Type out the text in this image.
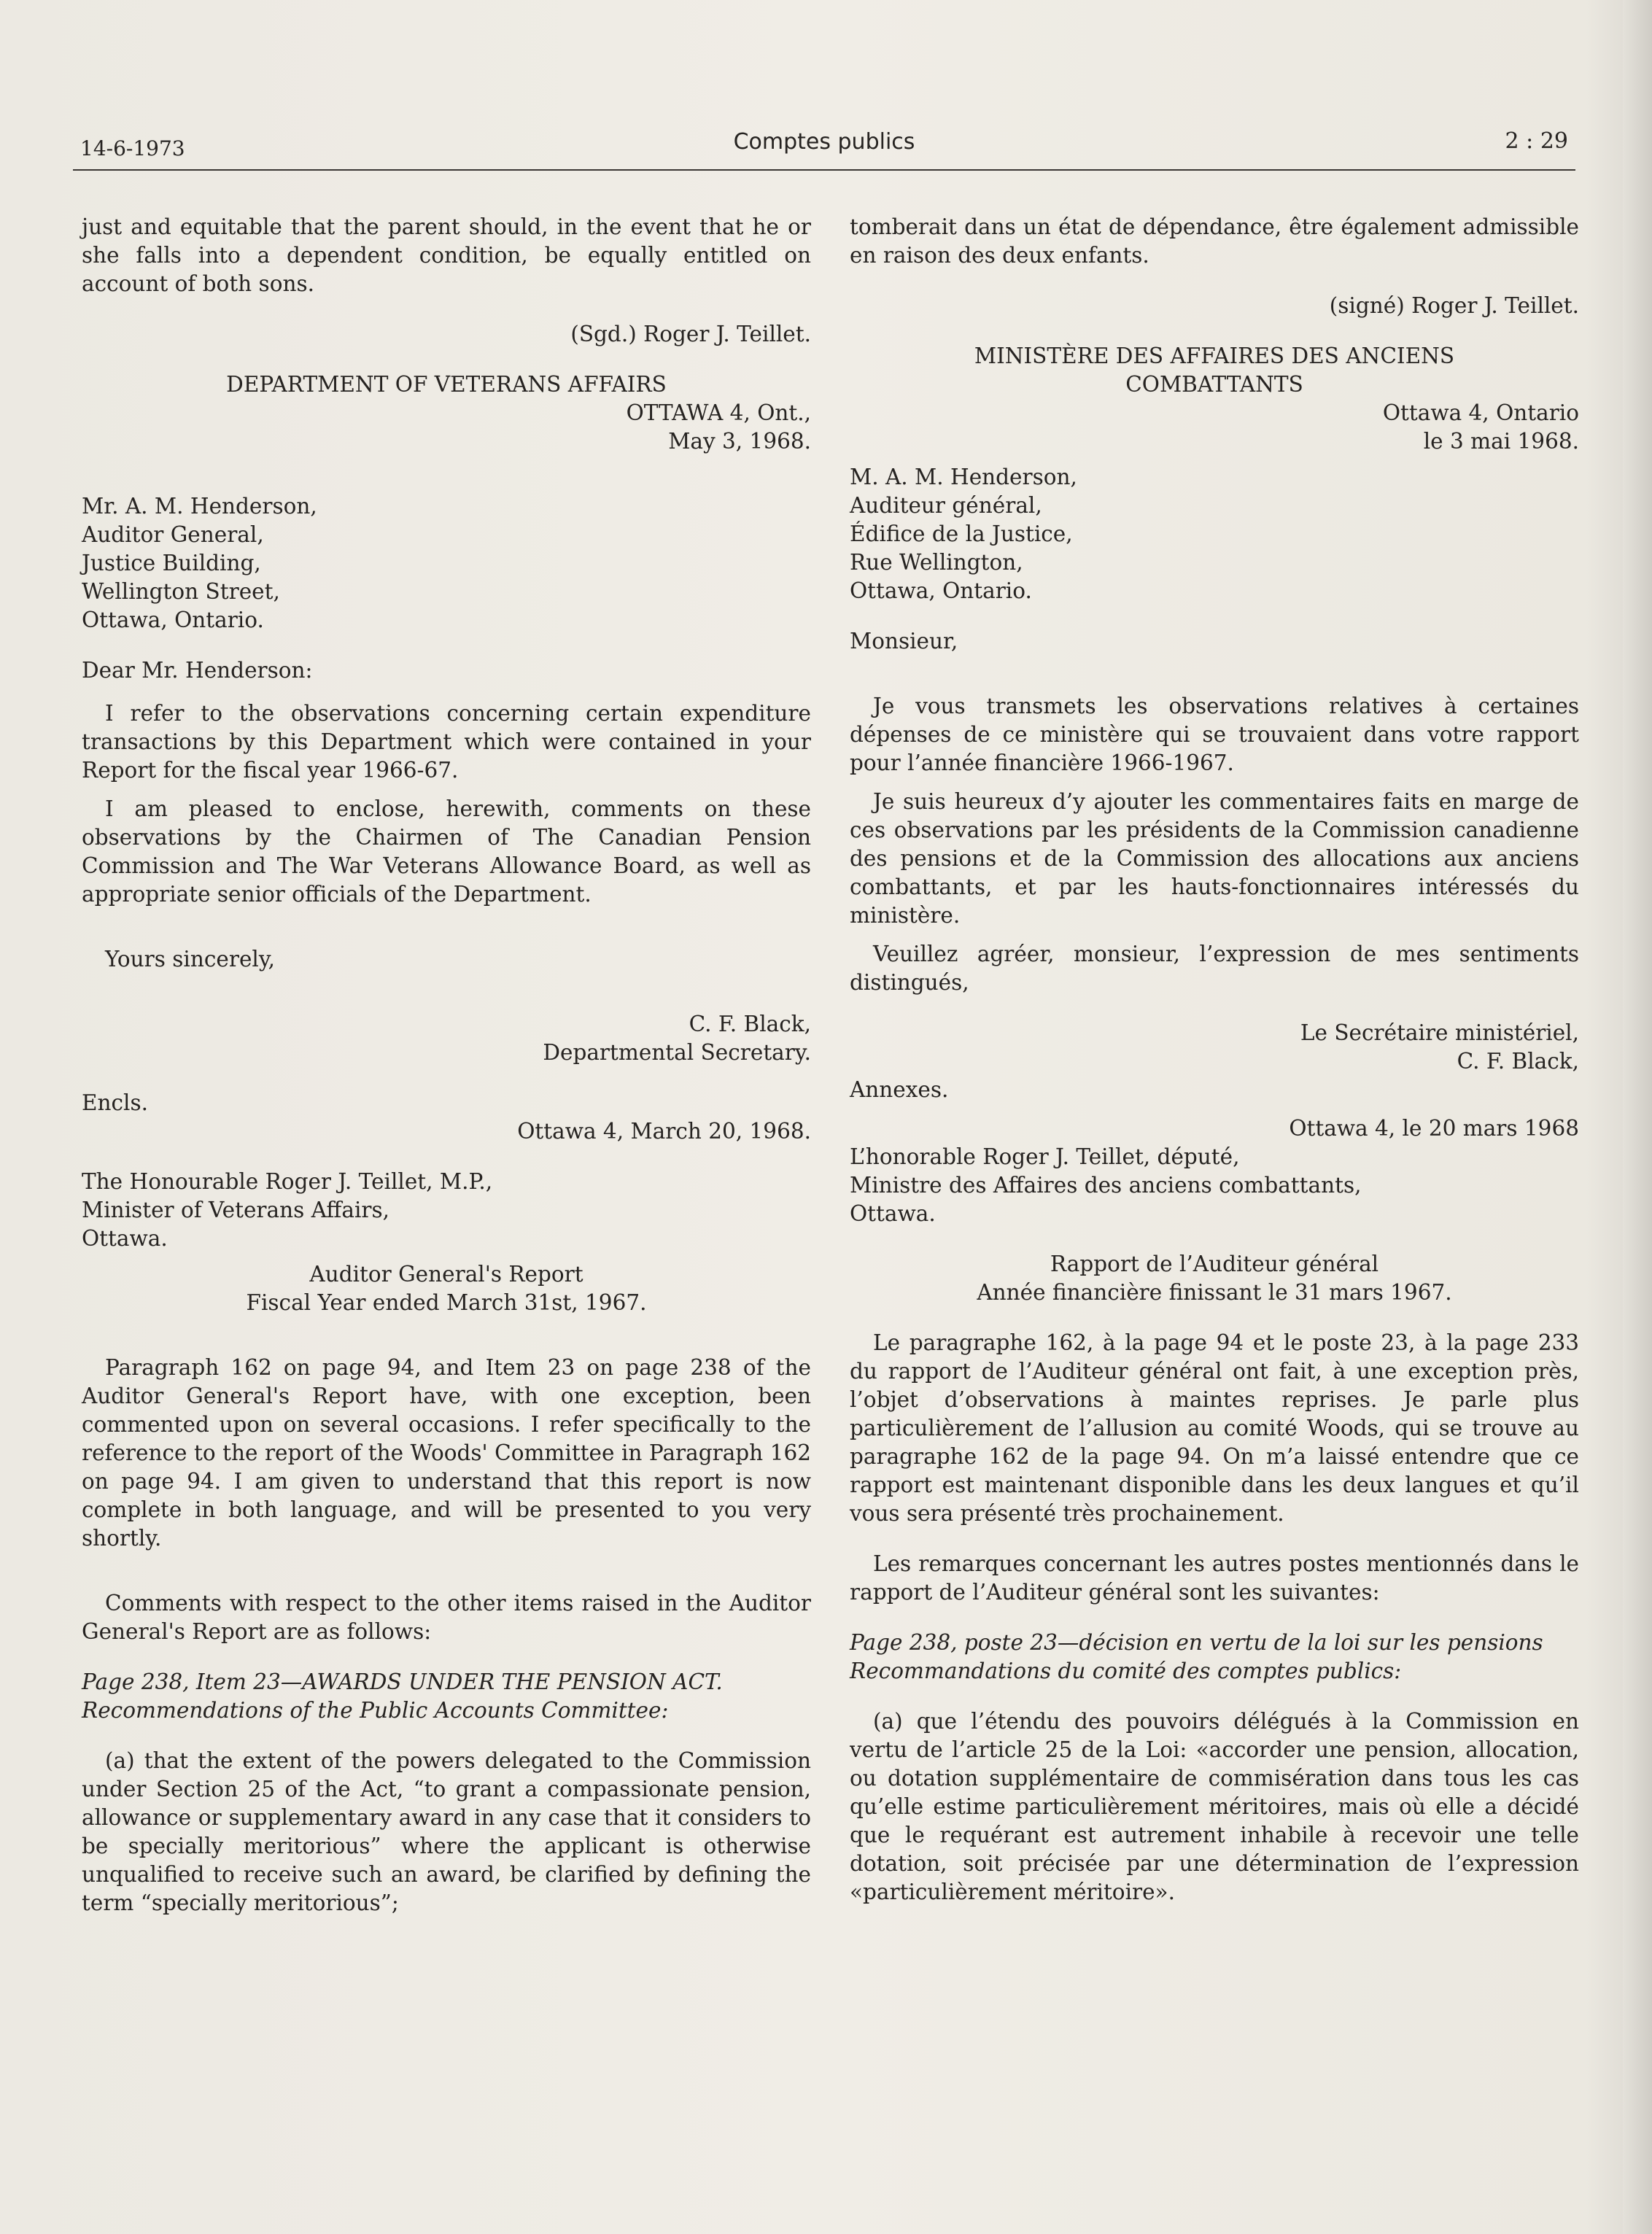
14-6-1973	Comptes publics	2 : 29

just and equitable that the parent should, in the event that he or she falls into a dependent condition, be equally entitled on account of both sons.

(Sgd.) Roger J. Teillet.

DEPARTMENT OF VETERANS AFFAIRS

OTTAWA 4, Ont.,

May 3, 1968.

Mr. A. M. Henderson,

Auditor General,

Justice Building,

Wellington Street,

Ottawa, Ontario.

Dear Mr. Henderson:

I refer to the observations concerning certain expenditure transactions by this Department which were contained in your Report for the fiscal year 1966-67.

I am pleased to enclose, herewith, comments on these observations by the Chairmen of The Canadian Pension Commission and The War Veterans Allowance Board, as well as appropriate senior officials of the Department.

Yours sincerely,

C. F. Black,

Departmental Secretary.

Encls.

Ottawa 4, March 20, 1968.

The Honourable Roger J. Teillet, M.P.,

Minister of Veterans Affairs,

Ottawa.

Auditor General's Report

Fiscal Year ended March 31st, 1967.

Paragraph 162 on page 94, and Item 23 on page 238 of the Auditor General's Report have, with one exception, been commented upon on several occasions. I refer specifically to the reference to the report of the Woods' Committee in Paragraph 162 on page 94. I am given to understand that this report is now complete in both language, and will be presented to you very shortly.

Comments with respect to the other items raised in the Auditor General's Report are as follows:

Page 238, Item 23—AWARDS UNDER THE PENSION ACT.

Recommendations of the Public Accounts Committee:

(a) that the extent of the powers delegated to the Commission under Section 25 of the Act, “to grant a compassionate pension, allowance or supplementary award in any case that it considers to be specially meritorious” where the applicant is otherwise unqualified to receive such an award, be clarified by defining the term “specially meritorious”;

tomberait dans un état de dépendance, être également admissible en raison des deux enfants.

(signé) Roger J. Teillet.

MINISTÈRE DES AFFAIRES DES ANCIENS COMBATTANTS

Ottawa 4, Ontario

le 3 mai 1968.

M. A. M. Henderson,

Auditeur général,

Édifice de la Justice,

Rue Wellington,

Ottawa, Ontario.

Monsieur,

Je vous transmets les observations relatives à certaines dépenses de ce ministère qui se trouvaient dans votre rapport pour l’année financière 1966-1967.

Je suis heureux d’y ajouter les commentaires faits en marge de ces observations par les présidents de la Commission canadienne des pensions et de la Commission des allocations aux anciens combattants, et par les hauts-fonctionnaires intéressés du ministère.

Veuillez agréer, monsieur, l’expression de mes sentiments distingués,

Le Secrétaire ministériel,

C. F. Black,

Annexes.

Ottawa 4, le 20 mars 1968

L’honorable Roger J. Teillet, député,

Ministre des Affaires des anciens combattants,

Ottawa.

Rapport de l’Auditeur général

Année financière finissant le 31 mars 1967.

Le paragraphe 162, à la page 94 et le poste 23, à la page 233 du rapport de l’Auditeur général ont fait, à une exception près, l’objet d’observations à maintes reprises. Je parle plus particulièrement de l’allusion au comité Woods, qui se trouve au paragraphe 162 de la page 94. On m’a laissé entendre que ce rapport est maintenant disponible dans les deux langues et qu’il vous sera présenté très prochainement.

Les remarques concernant les autres postes mentionnés dans le rapport de l’Auditeur général sont les suivantes:

Page 238, poste 23—décision en vertu de la loi sur les pensions

Recommandations du comité des comptes publics:

(a) que l’étendu des pouvoirs délégués à la Commission en vertu de l’article 25 de la Loi: «accorder une pension, allocation, ou dotation supplémentaire de commisération dans tous les cas qu’elle estime particulièrement méritoires, mais où elle a décidé que le requérant est autrement inhabile à recevoir une telle dotation, soit précisée par une détermination de l’expression «particulièrement méritoire».
